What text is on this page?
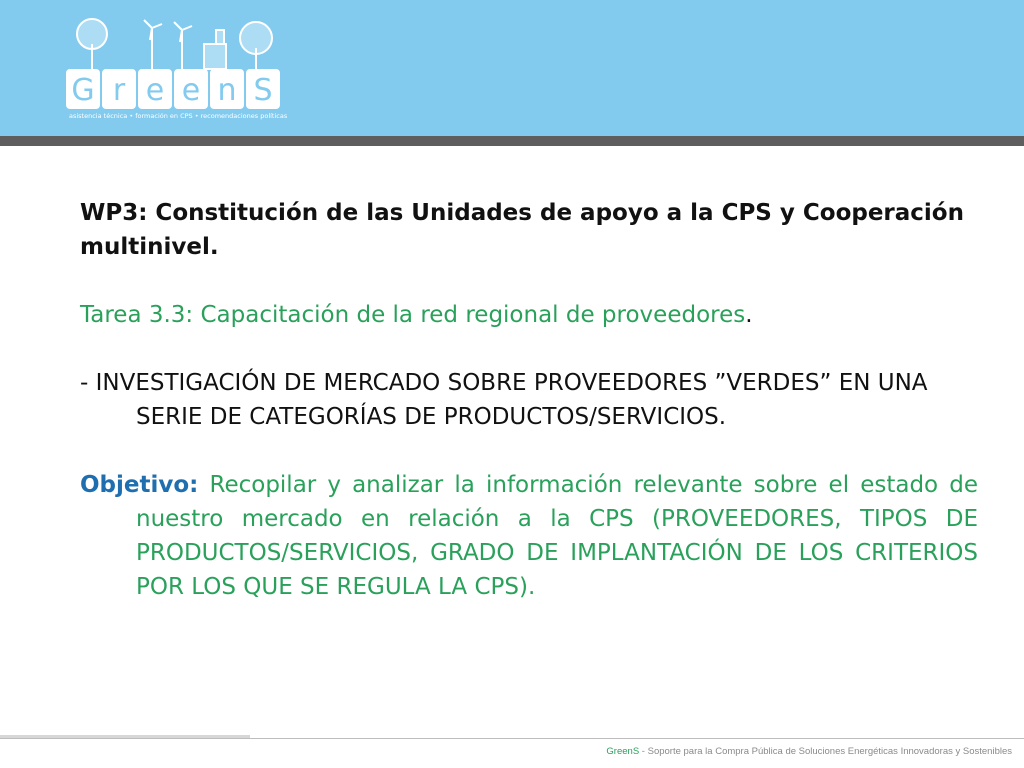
G r e e n S
asistencia técnica • formación en CPS • recomendaciones políticas

WP3: Constitución de las Unidades de apoyo a la CPS y Cooperación multinivel.

Tarea 3.3: Capacitación de la red regional de proveedores.

- INVESTIGACIÓN DE MERCADO SOBRE PROVEEDORES ”VERDES” EN UNA SERIE DE CATEGORÍAS DE PRODUCTOS/SERVICIOS.

Objetivo: Recopilar y analizar la información relevante sobre el estado de nuestro mercado en relación a la CPS (PROVEEDORES, TIPOS DE PRODUCTOS/SERVICIOS, GRADO DE IMPLANTACIÓN DE LOS CRITERIOS POR LOS QUE SE REGULA LA CPS).

GreenS - Soporte para la Compra Pública de Soluciones Energéticas Innovadoras y Sostenibles
